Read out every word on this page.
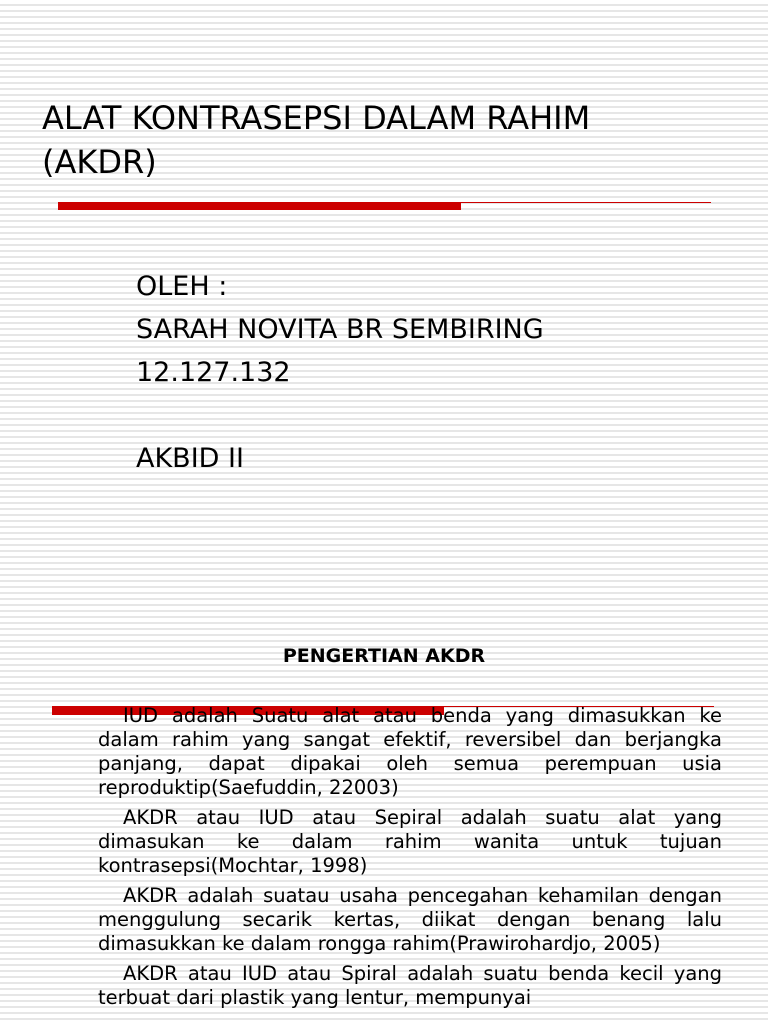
ALAT KONTRASEPSI DALAM RAHIM
(AKDR)
OLEH :
SARAH NOVITA BR SEMBIRING
12.127.132
AKBID II
PENGERTIAN AKDR

IUD adalah Suatu alat atau benda yang dimasukkan ke dalam rahim yang sangat efektif, reversibel dan berjangka panjang, dapat dipakai oleh semua perempuan usia reproduktip(Saefuddin, 22003)

AKDR atau IUD atau Sepiral adalah suatu alat yang dimasukan ke dalam rahim wanita untuk tujuan kontrasepsi(Mochtar, 1998)

AKDR adalah suatau usaha pencegahan kehamilan dengan menggulung secarik kertas, diikat dengan benang lalu dimasukkan ke dalam rongga rahim(Prawirohardjo, 2005)

AKDR atau IUD atau Spiral adalah suatu benda kecil yang terbuat dari plastik yang lentur, mempunyai
